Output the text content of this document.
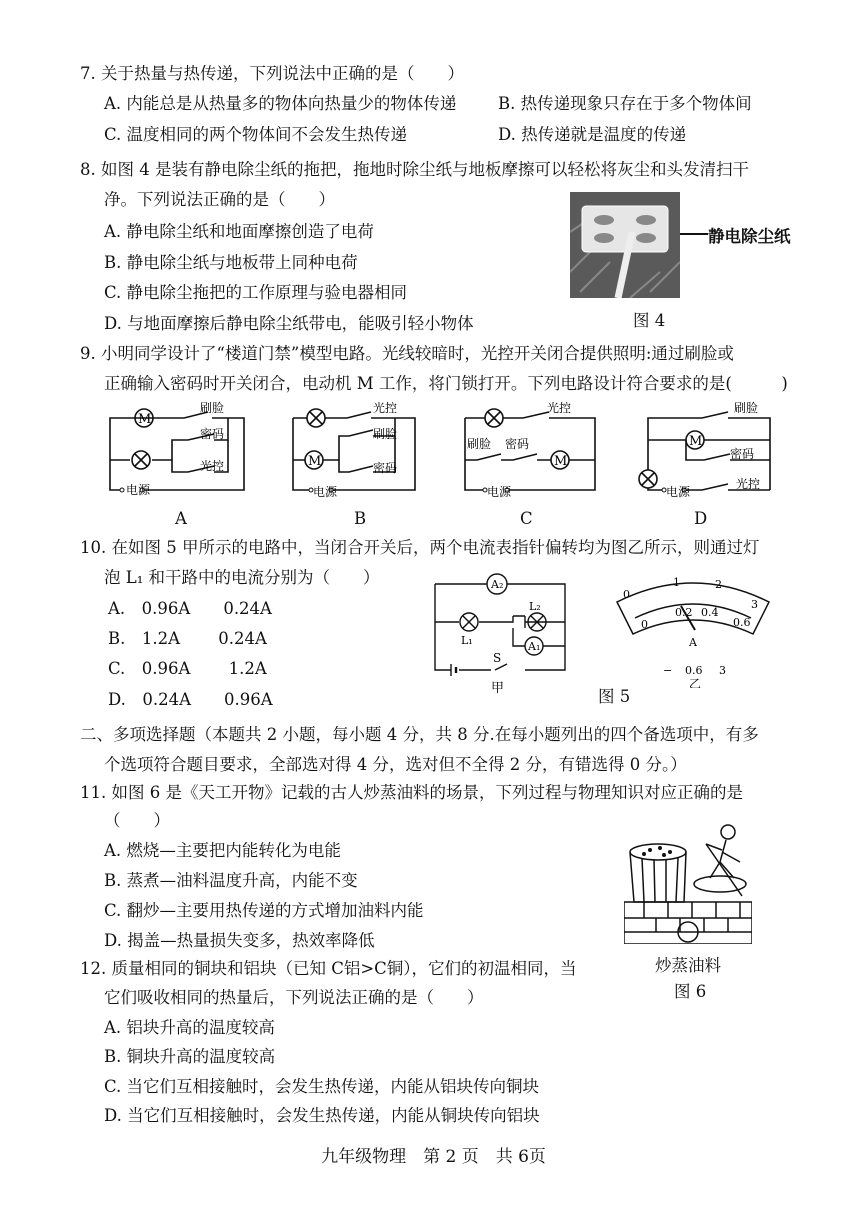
7. 关于热量与热传递，下列说法中正确的是（　　）
A. 内能总是从热量多的物体向热量少的物体传递	B. 热传递现象只存在于多个物体间
C. 温度相同的两个物体间不会发生热传递	D. 热传递就是温度的传递
8. 如图 4 是装有静电除尘纸的拖把，拖地时除尘纸与地板摩擦可以轻松将灰尘和头发清扫干
净。下列说法正确的是（　　）
A. 静电除尘纸和地面摩擦创造了电荷
B. 静电除尘纸与地板带上同种电荷
C. 静电除尘拖把的工作原理与验电器相同
D. 与地面摩擦后静电除尘纸带电，能吸引轻小物体
静电除尘纸
图 4
9. 小明同学设计了“楼道门禁”模型电路。光线较暗时，光控开关闭合提供照明:通过刷脸或
正确输入密码时开关闭合，电动机 M 工作，将门锁打开。下列电路设计符合要求的是(　　　)
M
刷脸
密码
光控
电源
A
M
光控
刷脸
密码
电源
B
M
光控
刷脸 密码
电源
C
M
刷脸
密码
光控
电源
D
10. 在如图 5 甲所示的电路中，当闭合开关后，两个电流表指针偏转均为图乙所示，则通过灯
泡 L₁ 和干路中的电流分别为（　　）
A.　0.96A　　0.24A
B.　1.2A　　 0.24A
C.　0.96A　　 1.2A
D.　0.24A　　0.96A
A₂
A₁
L₁
L₂
S
甲
0
1	2
3
0
0.2 0.4
0.6
A
− 0.6 3
乙
图 5
二、多项选择题（本题共 2 小题，每小题 4 分，共 8 分.在每小题列出的四个备选项中，有多
个选项符合题目要求，全部选对得 4 分，选对但不全得 2 分，有错选得 0 分。）
11. 如图 6 是《天工开物》记载的古人炒蒸油料的场景，下列过程与物理知识对应正确的是
（　　）
A. 燃烧—主要把内能转化为电能
B. 蒸煮—油料温度升高，内能不变
C. 翻炒—主要用热传递的方式增加油料内能
D. 揭盖—热量损失变多，热效率降低
炒蒸油料
图 6
12. 质量相同的铜块和铝块（已知 C铝>C铜），它们的初温相同，当
它们吸收相同的热量后，下列说法正确的是（　　）
A. 铝块升高的温度较高
B. 铜块升高的温度较高
C. 当它们互相接触时，会发生热传递，内能从铝块传向铜块
D. 当它们互相接触时，会发生热传递，内能从铜块传向铝块
九年级物理　第 2 页　共 6页
